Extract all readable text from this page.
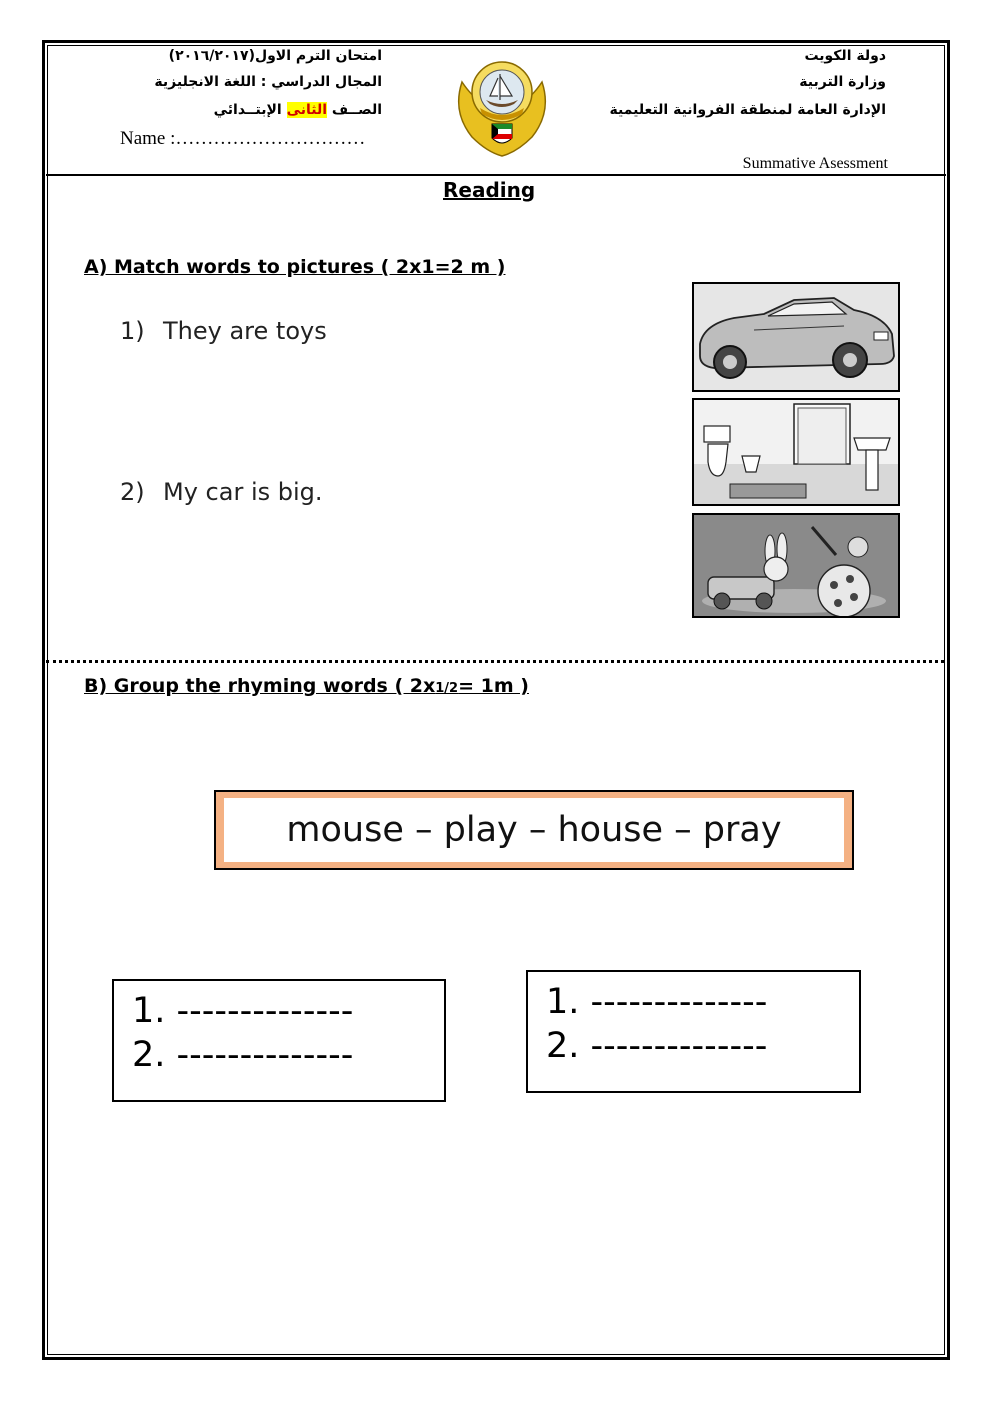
دولة الكويت
وزارة التربية
الإدارة العامة لمنطقة الفروانية التعليمية
امتحان الترم الاول(٢٠١٦/٢٠١٧)
المجال الدراسي : اللغة الانجليزية
الصــف الثانى الإبتــدائي
Name :…………………………
Summative Asessment
Reading
A) Match words to pictures ( 2x1=2 m )
1) They are toys
2) My car is big.
B) Group the rhyming words ( 2x1/2= 1m )
mouse – play – house – pray
1. --------------
2. --------------
1. --------------
2. --------------
